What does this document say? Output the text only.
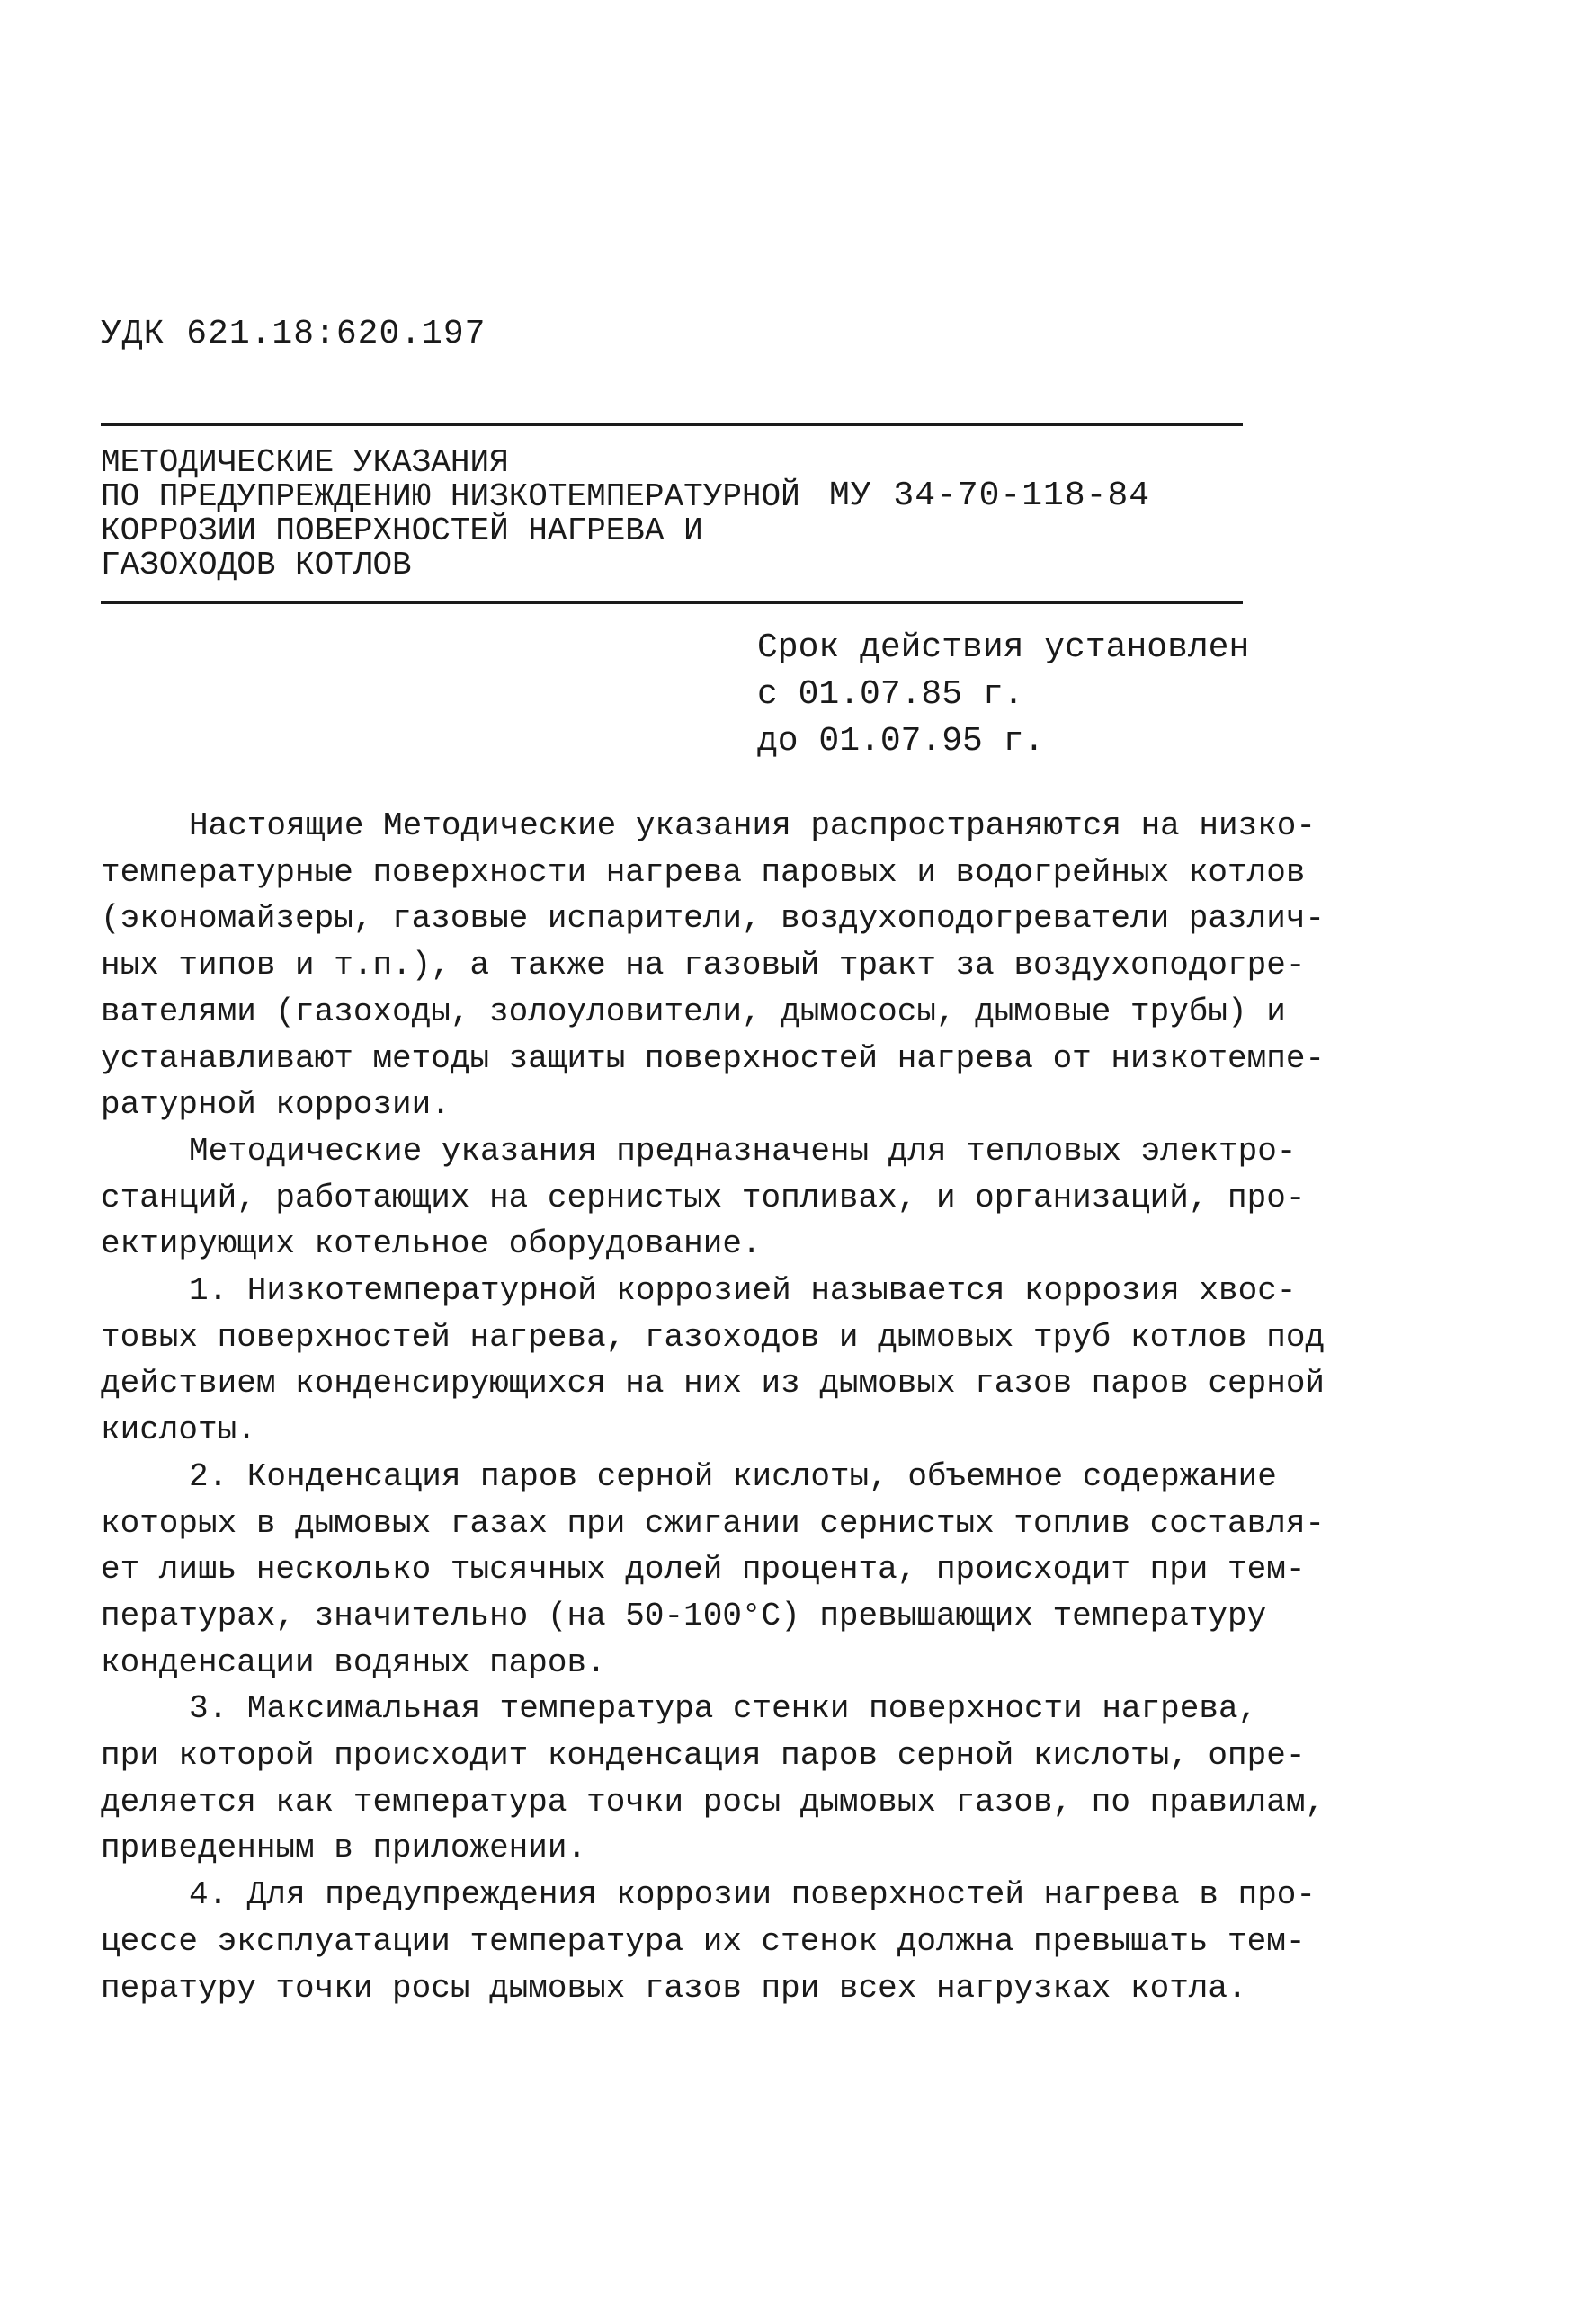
УДК 621.18:620.197
МЕТОДИЧЕСКИЕ УКАЗАНИЯ
ПО ПРЕДУПРЕЖДЕНИЮ НИЗКОТЕМПЕРАТУРНОЙ
КОРРОЗИИ ПОВЕРХНОСТЕЙ НАГРЕВА И
ГАЗОХОДОВ КОТЛОВ
МУ 34-70-118-84
Срок действия установлен
с 01.07.85 г.
до 01.07.95 г.
Настоящие Методические указания распространяются на низко-
температурные поверхности нагрева паровых и водогрейных котлов
(экономайзеры, газовые испарители, воздухоподогреватели различ-
ных типов и т.п.), а также на газовый тракт за воздухоподогре-
вателями (газоходы, золоуловители, дымососы, дымовые трубы) и
устанавливают методы защиты поверхностей нагрева от низкотемпе-
ратурной коррозии.
Методические указания предназначены для тепловых электро-
станций, работающих на сернистых топливах, и организаций, про-
ектирующих котельное оборудование.
1. Низкотемпературной коррозией называется коррозия хвос-
товых поверхностей нагрева, газоходов и дымовых труб котлов под
действием конденсирующихся на них из дымовых газов паров серной
кислоты.
2. Конденсация паров серной кислоты, объемное содержание
которых в дымовых газах при сжигании сернистых топлив составля-
ет лишь несколько тысячных долей процента, происходит при тем-
пературах, значительно (на 50-100°С) превышающих температуру
конденсации водяных паров.
3. Максимальная температура стенки поверхности нагрева,
при которой происходит конденсация паров серной кислоты, опре-
деляется как температура точки росы дымовых газов, по правилам,
приведенным в приложении.
4. Для предупреждения коррозии поверхностей нагрева в про-
цессе эксплуатации температура их стенок должна превышать тем-
пературу точки росы дымовых газов при всех нагрузках котла.
